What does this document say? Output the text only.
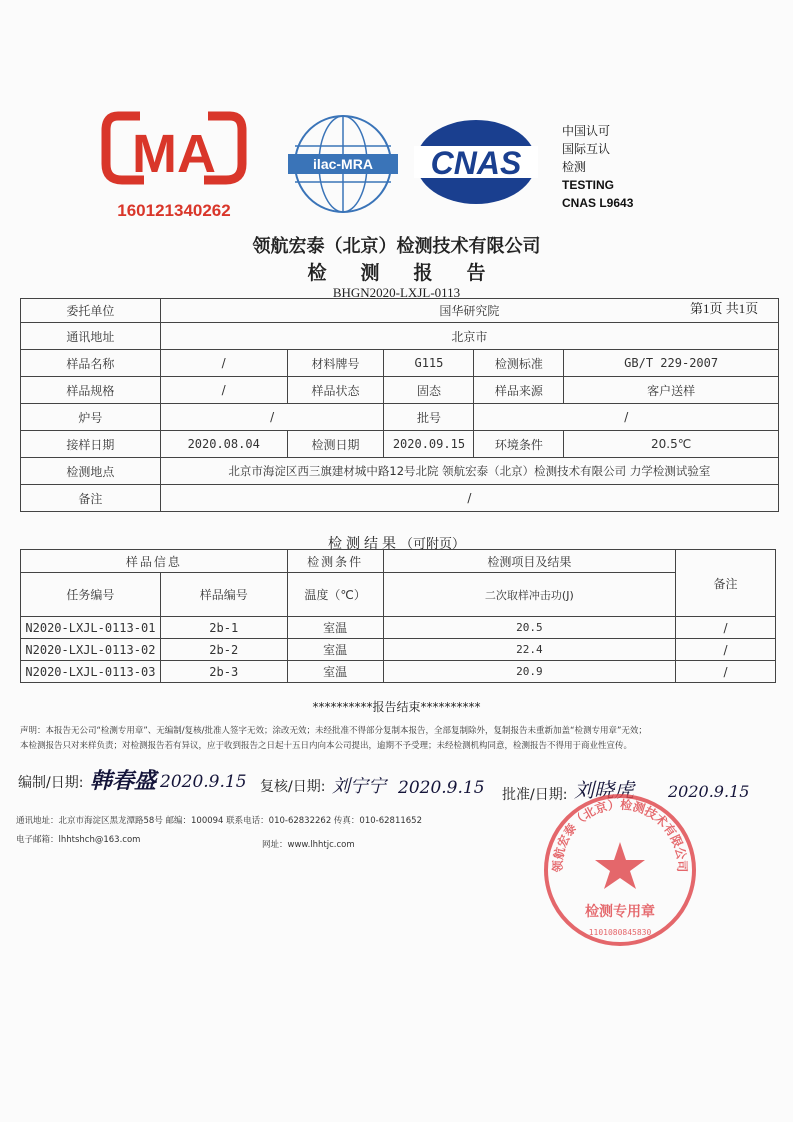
MA
160121340262
ilac-MRA CNAS
中国认可
国际互认
检测
TESTING
CNAS L9643
领航宏泰（北京）检测技术有限公司
检测报告
BHGN2020-LXJL-0113
第1页 共1页
委托单位	国华研究院				
通讯地址	北京市				
样品名称	/	材料牌号	G115	检测标准	GB/T 229-2007
样品规格	/	样品状态	固态	样品来源	客户送样
炉号	/		批号	/	
接样日期	2020.08.04	检测日期	2020.09.15	环境条件	20.5℃
检测地点	北京市海淀区西三旗建材城中路12号北院 领航宏泰（北京）检测技术有限公司 力学检测试验室				
备注	/				
检测结果（可附页）
样品信息		检测条件	检测项目及结果	备注
任务编号	样品编号	温度（℃）	二次取样冲击功(J)	
N2020-LXJL-0113-01	2b-1	室温	20.5	/
N2020-LXJL-0113-02	2b-2	室温	22.4	/
N2020-LXJL-0113-03	2b-3	室温	20.9	/
**********报告结束**********
声明：本报告无公司“检测专用章”、无编制/复核/批准人签字无效；涂改无效；未经批准不得部分复制本报告，全部复制除外，复制报告未重新加盖“检测专用章”无效；
本检测报告只对来样负责；对检测报告若有异议，应于收到报告之日起十五日内向本公司提出，逾期不予受理；未经检测机构同意，检测报告不得用于商业性宣传。
编制/日期: 韩春盛 2020.9.15 复核/日期: 刘宁宁 2020.9.15 批准/日期: 刘晓虎 2020.9.15
通讯地址：北京市海淀区黑龙潭路58号 邮编：100094 联系电话：010-62832262 传真：010-62811652
电子邮箱：lhhtshch@163.com	网址：www.lhhtjc.com
领航宏泰（北京）检测技术有限公司
检测专用章
1101080845830
